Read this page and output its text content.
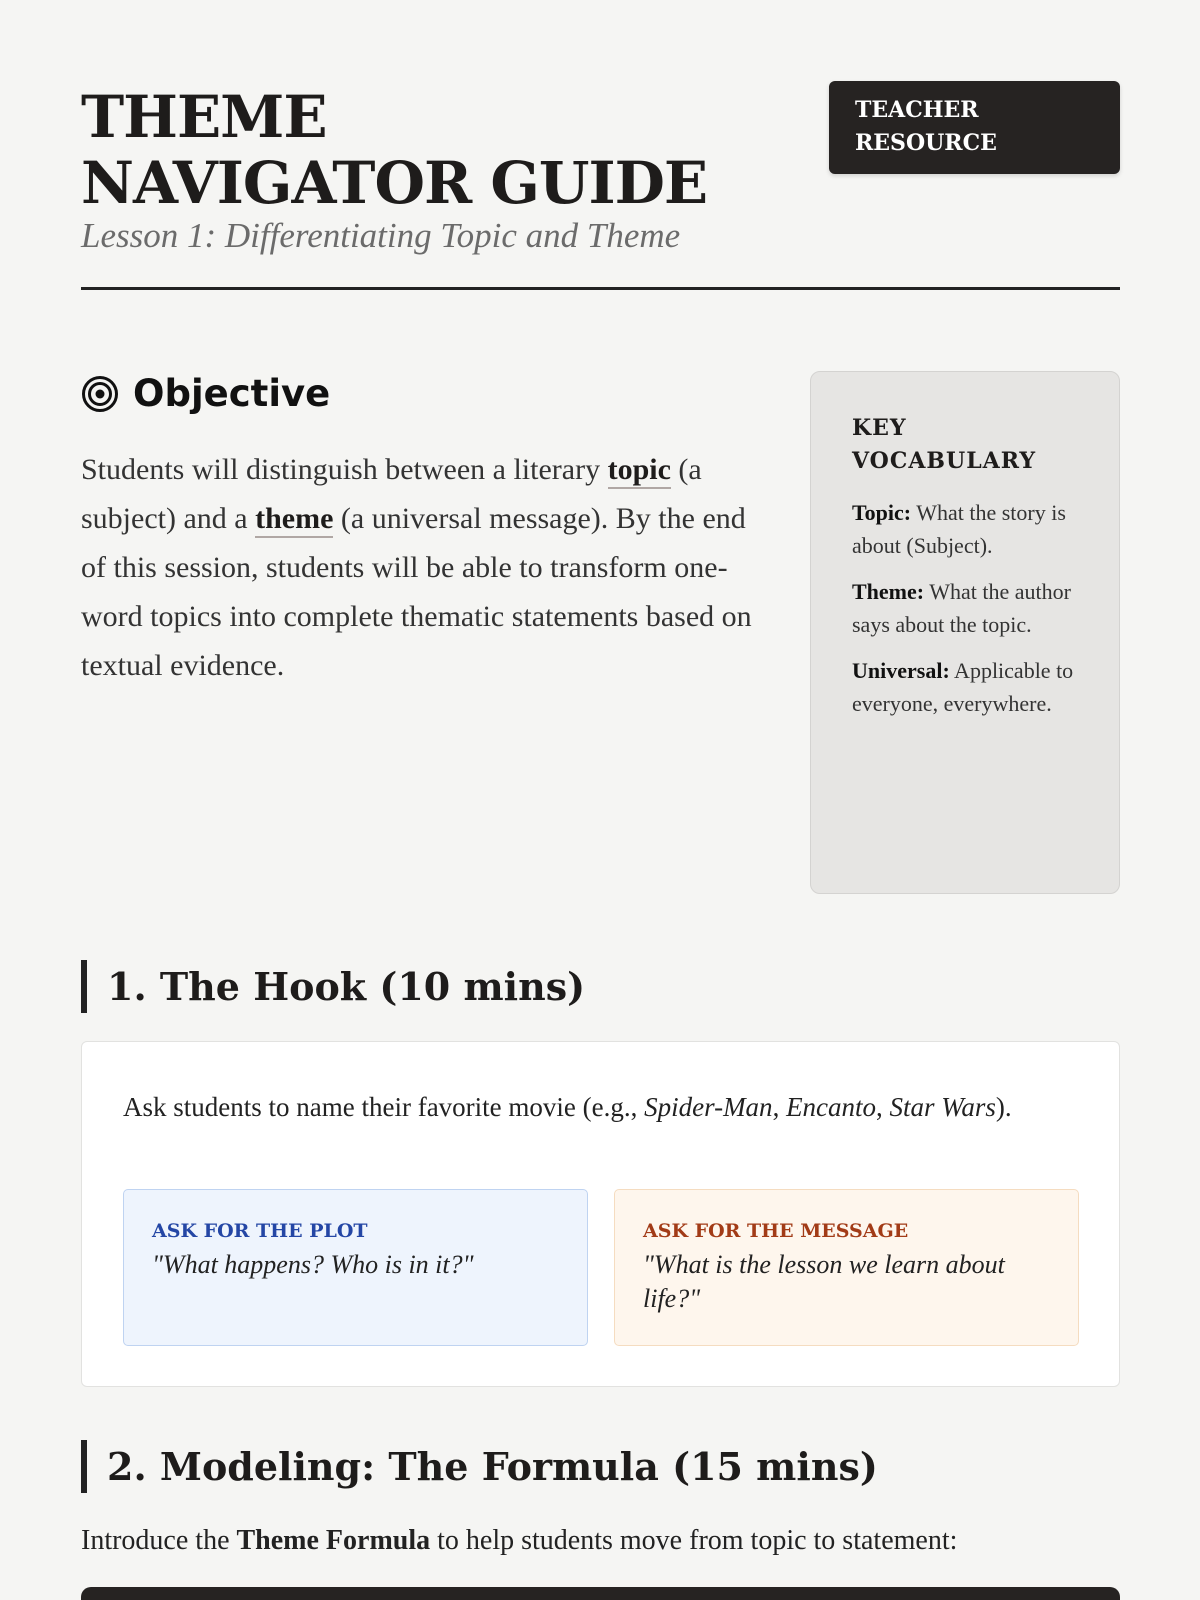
THEME NAVIGATOR GUIDE
Lesson 1: Differentiating Topic and Theme
TEACHER RESOURCE
Objective

Students will distinguish between a literary topic (a subject) and a theme (a universal message). By the end of this session, students will be able to transform one-word topics into complete thematic statements based on textual evidence.

KEY VOCABULARY
Topic: What the story is about (Subject).
Theme: What the author says about the topic.
Universal: Applicable to everyone, everywhere.
1. The Hook (10 mins)

Ask students to name their favorite movie (e.g., Spider-Man, Encanto, Star Wars).

ASK FOR THE PLOT
"What happens? Who is in it?"
ASK FOR THE MESSAGE
"What is the lesson we learn about life?"
2. Modeling: The Formula (15 mins)

Introduce the Theme Formula to help students move from topic to statement:
